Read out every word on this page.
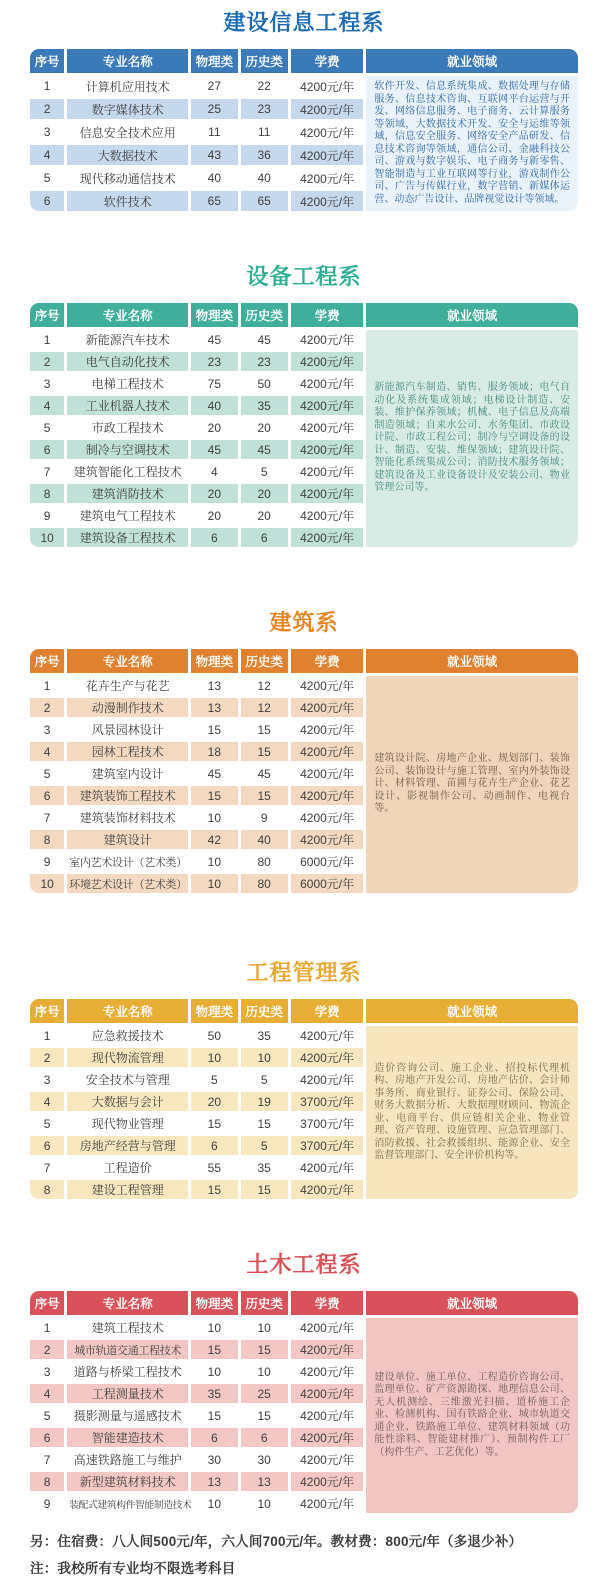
建设信息工程系
序号	专业名称	物理类	历史类	学费	就业领域
1	计算机应用技术	27	22	4200元/年	软件开发、信息系统集成、数据处理与存储服务、信息技术咨询、互联网平台运营与开发、网络信息服务、电子商务、云计算服务等领域，大数据技术开发、安全与运维等领域，信息安全服务、网络安全产品研发、信息技术咨询等领域，通信公司、金融科技公司、游戏与数字娱乐、电子商务与新零售、智能制造与工业互联网等行业，游戏制作公司、广告与传媒行业，数字营销、新媒体运营、动态广告设计、品牌视觉设计等领域。
2	数字媒体技术	25	23	4200元/年	
3	信息安全技术应用	11	11	4200元/年	
4	大数据技术	43	36	4200元/年	
5	现代移动通信技术	40	40	4200元/年	
6	软件技术	65	65	4200元/年	
设备工程系
序号	专业名称	物理类	历史类	学费	就业领域
1	新能源汽车技术	45	45	4200元/年	新能源汽车制造、销售、服务领域；电气自动化及系统集成领域；电梯设计制造、安装、维护保养领域；机械、电子信息及高端制造领域；自来水公司、水务集团、市政设计院、市政工程公司；制冷与空调设备的设计、制造、安装、维保领域；建筑设计院、智能化系统集成公司；消防技术服务领域；建筑设备及工业设备设计及安装公司、物业管理公司等。
2	电气自动化技术	23	23	4200元/年	
3	电梯工程技术	75	50	4200元/年	
4	工业机器人技术	40	35	4200元/年	
5	市政工程技术	20	20	4200元/年	
6	制冷与空调技术	45	45	4200元/年	
7	建筑智能化工程技术	4	5	4200元/年	
8	建筑消防技术	20	20	4200元/年	
9	建筑电气工程技术	20	20	4200元/年	
10	建筑设备工程技术	6	6	4200元/年	
建筑系
序号	专业名称	物理类	历史类	学费	就业领域
1	花卉生产与花艺	13	12	4200元/年	建筑设计院、房地产企业、规划部门、装饰公司、装饰设计与施工管理、室内外装饰设计、材料管理、苗圃与花卉生产企业、花艺设计、影视制作公司、动画制作、电视台等。
2	动漫制作技术	13	12	4200元/年	
3	风景园林设计	15	15	4200元/年	
4	园林工程技术	18	15	4200元/年	
5	建筑室内设计	45	45	4200元/年	
6	建筑装饰工程技术	15	15	4200元/年	
7	建筑装饰材料技术	10	9	4200元/年	
8	建筑设计	42	40	4200元/年	
9	室内艺术设计（艺术类）	10	80	6000元/年	
10	环境艺术设计（艺术类）	10	80	6000元/年	
工程管理系
序号	专业名称	物理类	历史类	学费	就业领域
1	应急救援技术	50	35	4200元/年	造价咨询公司、施工企业、招投标代理机构、房地产开发公司、房地产估价、会计师事务所、商业银行、证券公司、保险公司、财务大数据分析、大数据理财顾问、物流企业、电商平台、供应链相关企业、物业管理、资产管理、设施管理、应急管理部门、消防救援、社会救援组织、能源企业、安全监督管理部门、安全评价机构等。
2	现代物流管理	10	10	4200元/年	
3	安全技术与管理	5	5	4200元/年	
4	大数据与会计	20	19	3700元/年	
5	现代物业管理	15	15	3700元/年	
6	房地产经营与管理	6	5	3700元/年	
7	工程造价	55	35	4200元/年	
8	建设工程管理	15	15	4200元/年	
土木工程系
序号	专业名称	物理类	历史类	学费	就业领域
1	建筑工程技术	10	10	4200元/年	建设单位、施工单位、工程造价咨询公司、监理单位、矿产资源勘探、地理信息公司、无人机测绘、三维激光扫描、道桥施工企业、检测机构、国有铁路企业、城市轨道交通企业、铁路施工单位、建筑材料领域（功能性涂料、智能建材推广）、预制构件工厂（构件生产、工艺优化）等。
2	城市轨道交通工程技术	15	15	4200元/年	
3	道路与桥梁工程技术	10	10	4200元/年	
4	工程测量技术	35	25	4200元/年	
5	摄影测量与遥感技术	15	15	4200元/年	
6	智能建造技术	6	6	4200元/年	
7	高速铁路施工与维护	30	30	4200元/年	
8	新型建筑材料技术	13	13	4200元/年	
9	装配式建筑构件智能制造技术	10	10	4200元/年	

另：住宿费：八人间500元/年，六人间700元/年。教材费：800元/年（多退少补）

注：我校所有专业均不限选考科目
